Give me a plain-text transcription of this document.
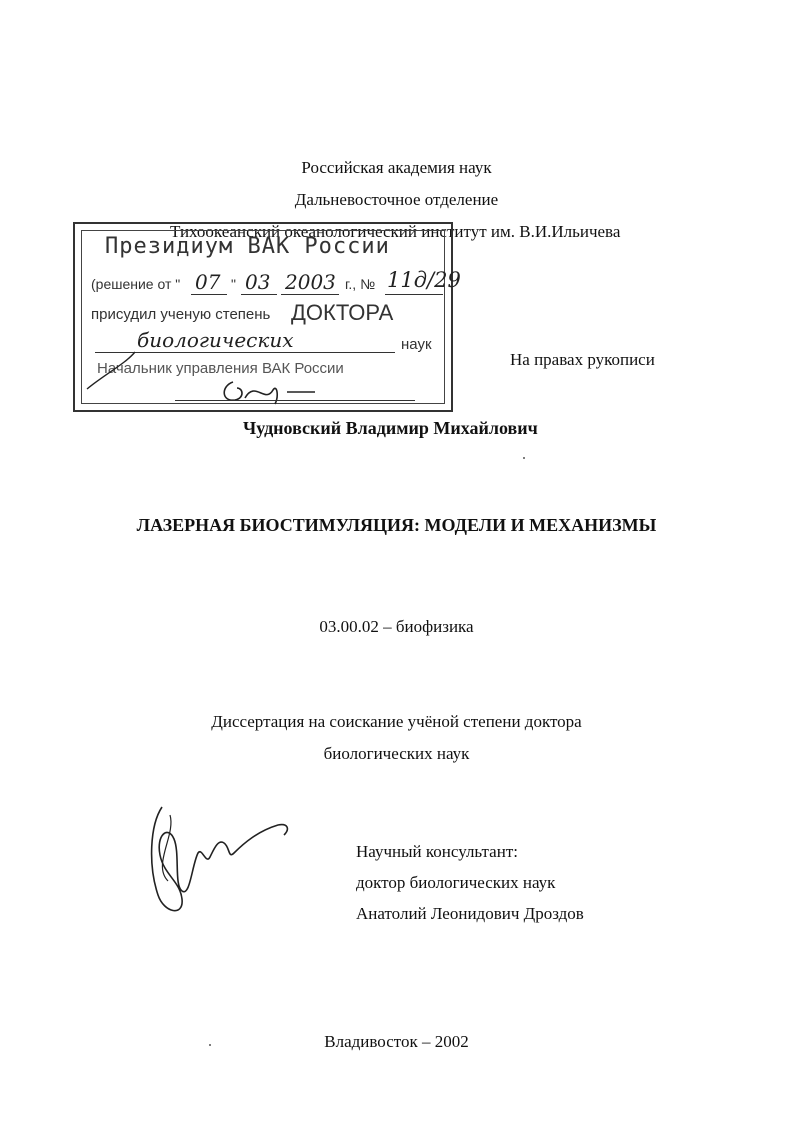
Российская академия наук
Дальневосточное отделение
Тихоокеанский океанологический институт им. В.И.Ильичева
Президиум ВАК России
(решение от " 07 " 03 2003 г., № 11д/29
присудил ученую степень ДОКТОРА
биологических	наук
Начальник управления ВАК России	На правах рукописи
Чудновский Владимир Михайлович
ЛАЗЕРНАЯ БИОСТИМУЛЯЦИЯ: МОДЕЛИ И МЕХАНИЗМЫ
03.00.02 – биофизика
Диссертация на соискание учёной степени доктора
биологических наук
Научный консультант:
доктор биологических наук
Анатолий Леонидович Дроздов
Владивосток – 2002
